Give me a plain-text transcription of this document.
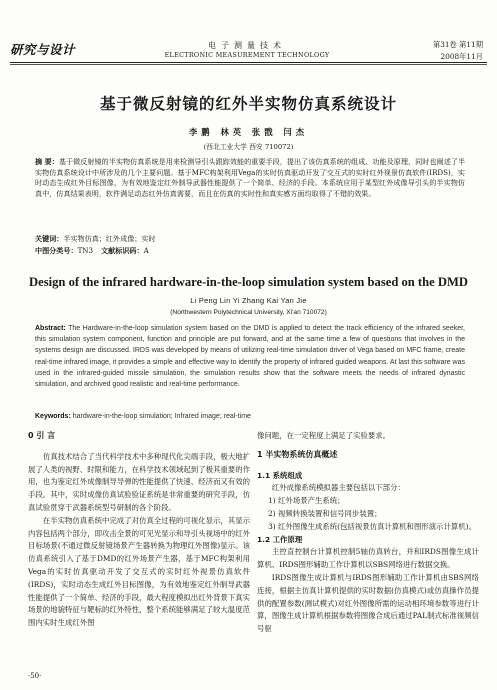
研究与设计	电子测量技术
ELECTRONIC MEASUREMENT TECHNOLOGY
第31卷 第11期
2008年11月
基于微反射镜的红外半实物仿真系统设计
李鹏 林英 张戬 闫杰
(西北工业大学 西安 710072)
摘 要：基于微反射镜的半实物仿真系统是用来检测导引头跟踪效能的重要手段，提出了该仿真系统的组成、功能及原理，同时也阐述了半实物仿真系统设计中所涉及的几个主要问题。基于MFC构架利用Vega的实时仿真驱动开发了交互式的实时红外视景仿真软件(IRDS)，实时动态生成红外目标图像，为有效地鉴定红外制导武器性能提供了一个简单、经济的手段。本系统应用于某型红外成像导引头的半实物仿真中，仿真结果表明，软件满足动态红外仿真需要，而且在仿真的实时性和真实感方面均取得了不错的效果。
关键词：半实物仿真；红外成像；实时
中图分类号：TN3 文献标识码：A
Design of the infrared hardware-in-the-loop simulation system based on the DMD
Li Peng Lin Yi Zhang Kai Yan Jie
(Northwestern Polytechnical University, Xi'an 710072)
Abstract: The Hardware-in-the-loop simulation system based on the DMD is applied to detect the track efficiency of the infrared seeker, this simulation system component, function and principle are put forward, and at the same time a few of questions that involves in the systems design are discussed. IRDS was developed by means of utilizing real-time simulation driver of Vega based on MFC frame, create real-time infrared image, it provides a simple and effective way to identify the property of infrared guided weapons. At last this software was used in the infrared-guided missile simulation, the simulation results show that the software meets the needs of infrared dynastic simulation, and archived good realistic and real-time performance.
Keywords: hardware-in-the-loop simulation; Infrared image; real-time
0 引 言

仿真技术结合了当代科学技术中多种现代化尖端手段，极大地扩展了人类的视野、时限和能力，在科学技术领域起到了极其重要的作用，也为鉴定红外成像制导导弹的性能提供了快速、经济而又有效的手段。其中，实时成像仿真试验验证系统是非常重要的研究手段，仿真试验贯穿于武器系统型号研制的各个阶段。

在半实物仿真系统中完成了对仿真全过程的可视化显示，其显示内容包括两个部分，即攻击全景的可见光显示和导引头视场中的红外目标场景(不通过微反射镜场景产生器转换为物理红外图像)显示。该仿真系统引入了基于DMD的红外场景产生器，基于MFC构架利用Vega的实时仿真驱动开发了交互式的实时红外视景仿真软件(IRDS)，实时动态生成红外目标图像，为有效地鉴定红外制导武器性能提供了一个简单、经济的手段，最大程度模拟出红外背景下真实场景的地貌特征与靶标的红外特性，整个系统能够满足了较大温度范围内实时生成红外图

像问题，在一定程度上满足了实验要求。

1 半实物系统仿真概述
1.1 系统组成

红外成像系统模拟器主要包括以下部分：

1) 红外场景产生系统；

2) 视频转换装置和信号同步装置；

3) 红外图像生成系统(包括视景仿真计算机和图形演示计算机)。

1.2 工作原理

主控直控制台计算机控制5轴仿真转台，并和IRDS图像生成计算机、IRDS图形辅助工作计算机以SBS网络进行数据交换。

IRDS图像生成计算机与IRDS图形辅助工作计算机由SBS网络连接，根据主仿真计算机提供的实时数据(仿真模式)或仿真操作员提供的配置参数(测试模式)对红外图像所需的运动相环境参数等进行计算，图像生成计算机根据参数将图像合成后通过PAL制式标准视频信号驱

·50·
